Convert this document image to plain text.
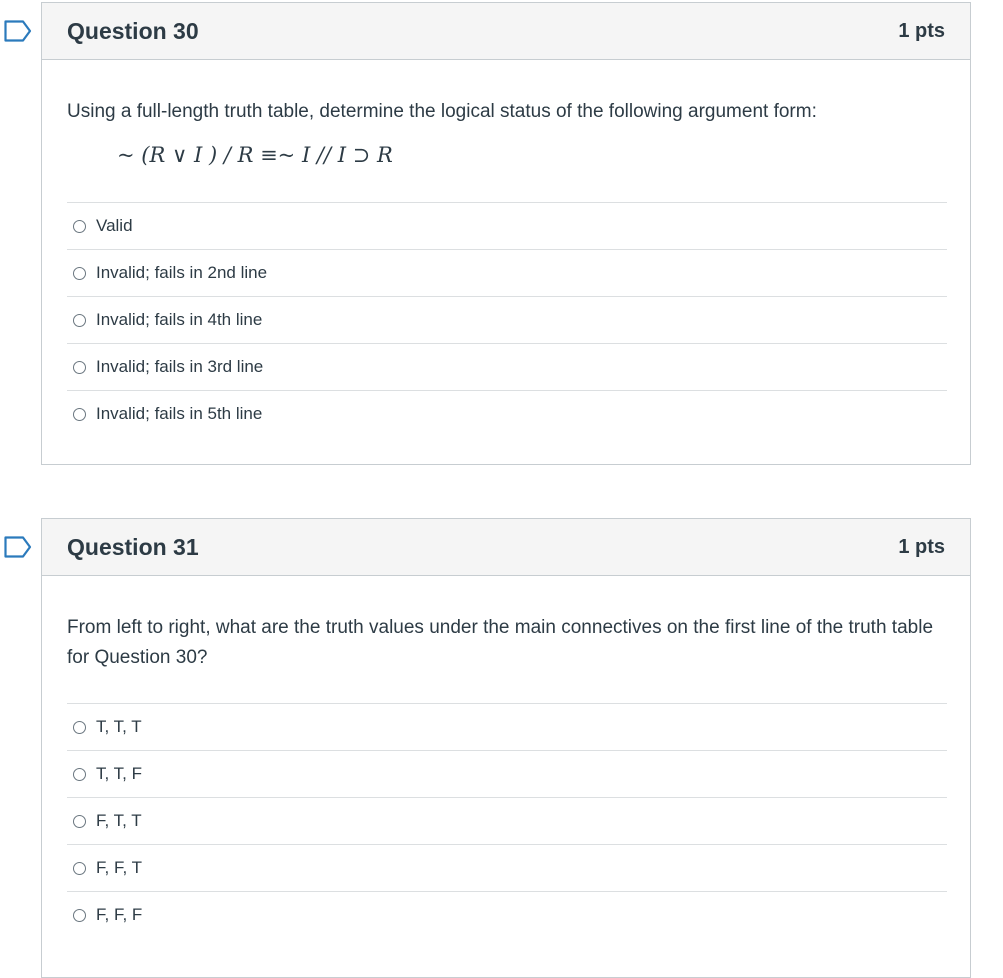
Question 30	1 pts
Using a full-length truth table, determine the logical status of the following argument form:
~ (R ∨ I ) / R ≡~ I // I ⊃ R
Valid
Invalid; fails in 2nd line
Invalid; fails in 4th line
Invalid; fails in 3rd line
Invalid; fails in 5th line
Question 31	1 pts
From left to right, what are the truth values under the main connectives on the first line of the truth table for Question 30?
T, T, T
T, T, F
F, T, T
F, F, T
F, F, F
